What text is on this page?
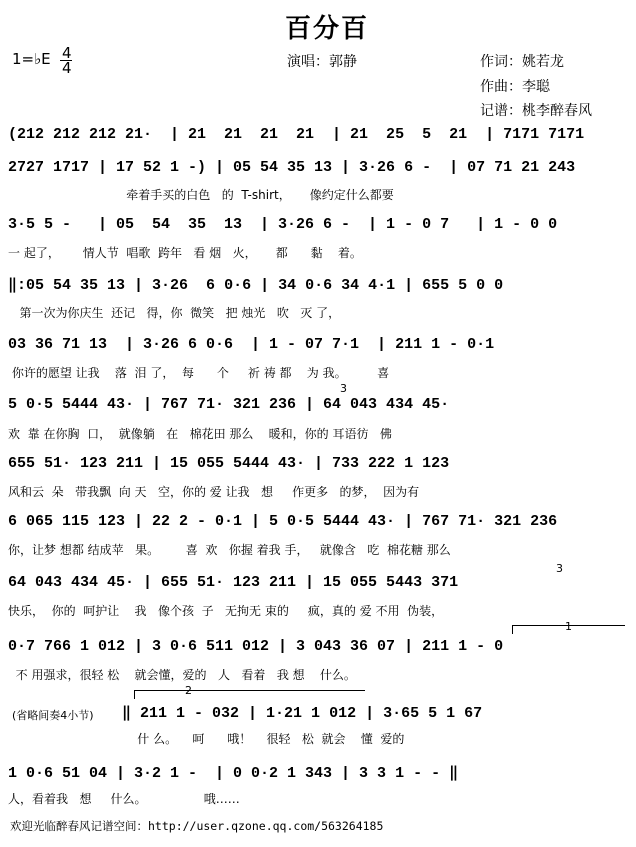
百分百
1=♭E 4
4	演唱：郭静	作词：姚若龙
作曲：李聪
记谱：桃李醉春风
(212 212 212 21·  | 21  21  21  21  | 21  25  5  21  | 7171 7171
2727 1717 | 17 52 1 -) | 05 54 35 13 | 3·26 6 -  | 07 71 21 243
牵着手买的白色   的  T-shirt，     像约定什么都要
3·5 5 -   | 05  54  35  13  | 3·26 6 -  | 1 - 0 7   | 1 - 0 0
一 起了，      情人节  唱歌  跨年   看 烟   火，     都      黏    着。
‖:05 54 35 13 | 3·26  6 0·6 | 34 0·6 34 4·1 | 655 5 0 0
第一次为你庆生  还记   得，你  微笑   把 烛光   吹   灭 了，
03 36 71 13  | 3·26 6 0·6  | 1 - 07 7·1  | 211 1 - 0·1
你许的愿望 让我    落  泪 了，  每      个     祈 祷 都    为 我。        喜
5 0·5 5444 43· | 767 71· 321 236 | 64 043 434 45·
欢  靠 在你胸  口，  就像躺   在   棉花田 那么    暖和，你的 耳语彷   佛
655 51· 123 211 | 15 055 5444 43· | 733 222 1 123
风和云  朵   带我飘  向 天   空，你的 爱 让我   想     作更多   的梦，  因为有
6 065 115 123 | 22 2 - 0·1 | 5 0·5 5444 43· | 767 71· 321 236
你，让梦 想都 结成苹   果。       喜  欢   你握 着我 手，   就像含   吃  棉花糖 那么
64 043 434 45· | 655 51· 123 211 | 15 055 5443 371
快乐，  你的  呵护让    我   像个孩  子   无拘无 束的     疯，真的 爱 不用  伪装，
0·7 766 1 012 | 3 0·6 511 012 | 3 043 36 07 | 211 1 - 0
不 用强求，很轻 松    就会懂，爱的   人   看着   我 想    什么。
(省略间奏4小节) ‖ 211 1 - 032 | 1·21 1 012 | 3·65 5 1 67
什 么。    呵      哦！    很轻   松  就会    懂  爱的
1 0·6 51 04 | 3·2 1 -  | 0 0·2 1 343 | 3 3 1 - - ‖
人，看着我   想     什么。               哦……
1
2
3
3
欢迎光临醉春风记谱空间：http://user.qzone.qq.com/563264185
